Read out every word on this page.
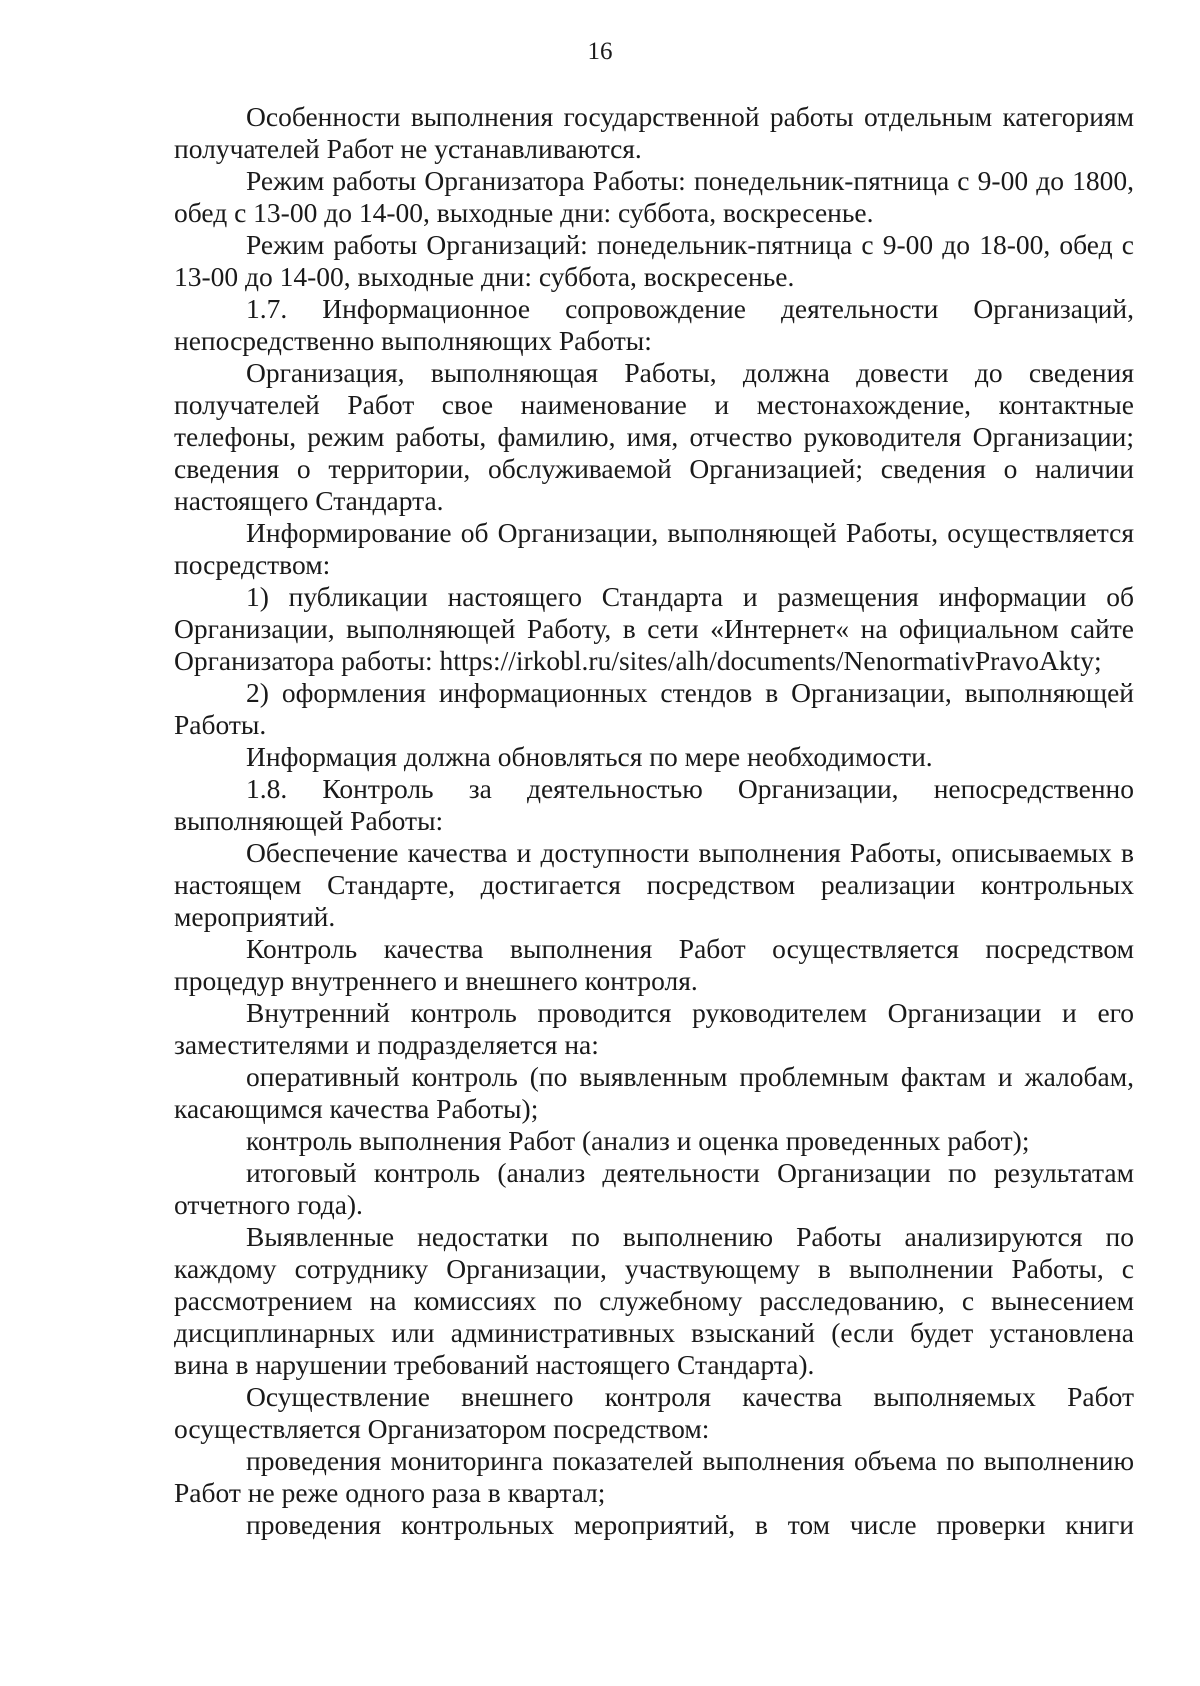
16

Особенности выполнения государственной работы отдельным категориям получателей Работ не устанавливаются.

Режим работы Организатора Работы: понедельник-пятница с 9-00 до 1800, обед с 13-00 до 14-00, выходные дни: суббота, воскресенье.

Режим работы Организаций: понедельник-пятница с 9-00 до 18-00, обед с 13-00 до 14-00, выходные дни: суббота, воскресенье.

1.7. Информационное сопровождение деятельности Организаций, непосредственно выполняющих Работы:

Организация, выполняющая Работы, должна довести до сведения получателей Работ свое наименование и местонахождение, контактные телефоны, режим работы, фамилию, имя, отчество руководителя Организации; сведения о территории, обслуживаемой Организацией; сведения о наличии настоящего Стандарта.

Информирование об Организации, выполняющей Работы, осуществляется посредством:

1) публикации настоящего Стандарта и размещения информации об Организации, выполняющей Работу, в сети «Интернет« на официальном сайте Организатора работы: https://irkobl.ru/sites/alh/documents/NenormativPravoAkty;

2) оформления информационных стендов в Организации, выполняющей Работы.

Информация должна обновляться по мере необходимости.

1.8. Контроль за деятельностью Организации, непосредственно выполняющей Работы:

Обеспечение качества и доступности выполнения Работы, описываемых в настоящем Стандарте, достигается посредством реализации контрольных мероприятий.

Контроль качества выполнения Работ осуществляется посредством процедур внутреннего и внешнего контроля.

Внутренний контроль проводится руководителем Организации и его заместителями и подразделяется на:

оперативный контроль (по выявленным проблемным фактам и жалобам, касающимся качества Работы);

контроль выполнения Работ (анализ и оценка проведенных работ);

итоговый контроль (анализ деятельности Организации по результатам отчетного года).

Выявленные недостатки по выполнению Работы анализируются по каждому сотруднику Организации, участвующему в выполнении Работы, с рассмотрением на комиссиях по служебному расследованию, с вынесением дисциплинарных или административных взысканий (если будет установлена вина в нарушении требований настоящего Стандарта).

Осуществление внешнего контроля качества выполняемых Работ осуществляется Организатором посредством:

проведения мониторинга показателей выполнения объема по выполнению Работ не реже одного раза в квартал;

проведения контрольных мероприятий, в том числе проверки книги
